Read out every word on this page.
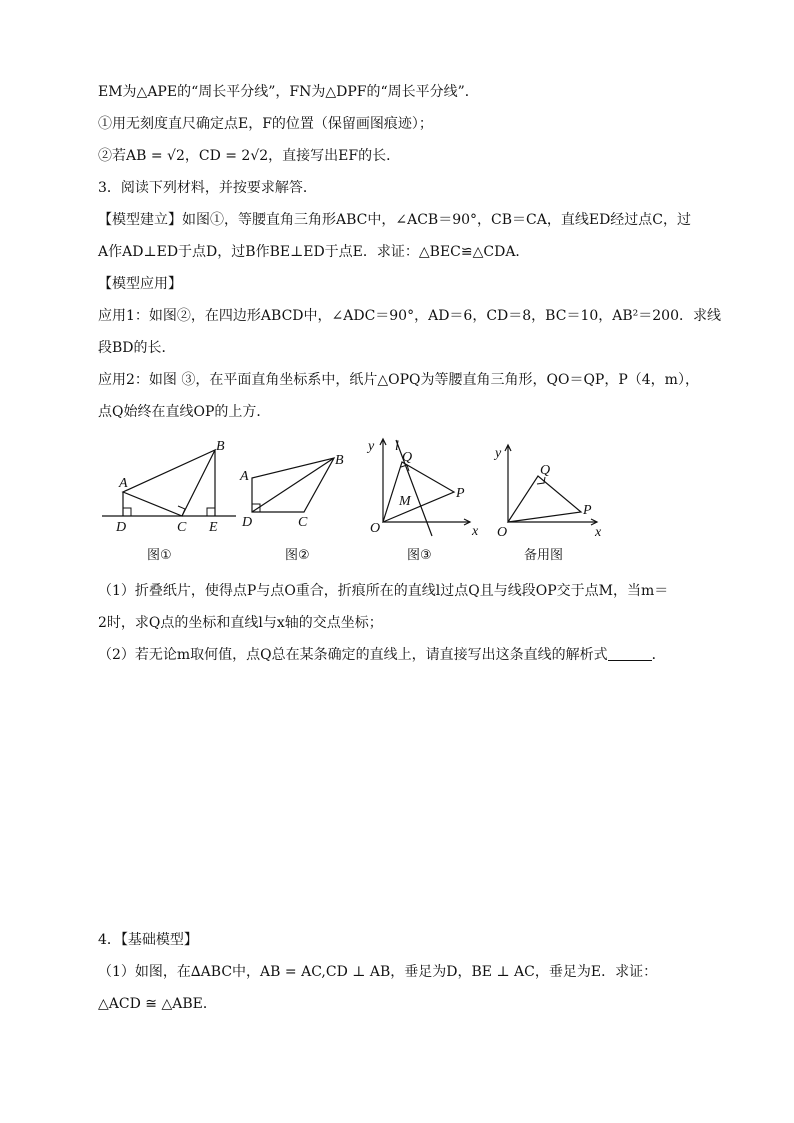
EM为△APE的“周长平分线”，FN为△DPF的“周长平分线”．
①用无刻度直尺确定点E，F的位置（保留画图痕迹）；
②若AB = √2，CD = 2√2，直接写出EF的长．
3．阅读下列材料，并按要求解答．
【模型建立】如图①，等腰直角三角形ABC中，∠ACB＝90°，CB＝CA，直线ED经过点C，过
A作AD⊥ED于点D，过B作BE⊥ED于点E．求证：△BEC≌△CDA．
【模型应用】
应用1：如图②，在四边形ABCD中，∠ADC＝90°，AD＝6，CD＝8，BC＝10，AB²＝200．求线
段BD的长．
应用2：如图 ③，在平面直角坐标系中，纸片△OPQ为等腰直角三角形，QO＝QP，P（4，m），
点Q始终在直线OP的上方．
A
B
C
D	E
图①
A
B
C
D
图②
y l
Q
M
P
O	x
图③
y
Q
P
O	x
备用图
（1）折叠纸片，使得点P与点O重合，折痕所在的直线l过点Q且与线段OP交于点M，当m＝
2时，求Q点的坐标和直线l与x轴的交点坐标；
（2）若无论m取何值，点Q总在某条确定的直线上，请直接写出这条直线的解析式	．
4．【基础模型】
（1）如图，在∆ABC中，AB = AC,CD ⊥ AB，垂足为D，BE ⊥ AC，垂足为E．求证：
△ACD ≅ △ABE．
